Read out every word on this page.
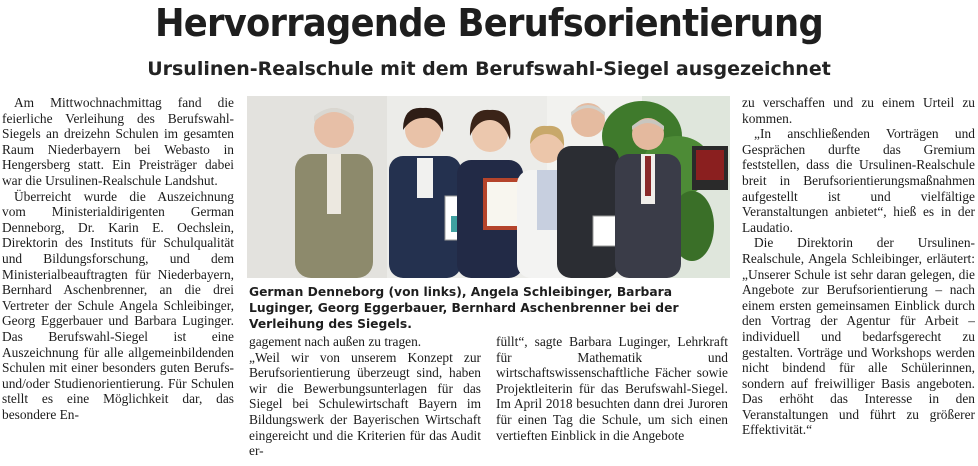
Hervorragende Berufsorientierung
Ursulinen-Realschule mit dem Berufswahl-Siegel ausgezeichnet

Am Mittwochnachmittag fand die feierliche Verleihung des Berufswahl-Siegels an dreizehn Schulen im gesamten Raum Niederbayern bei Webasto in Hengersberg statt. Ein Preisträger dabei war die Ursulinen-Realschule Landshut.

Überreicht wurde die Auszeichnung vom Ministerialdirigenten German Denneborg, Dr. Karin E. Oechslein, Direktorin des Instituts für Schulqualität und Bildungsforschung, und dem Ministerialbeauftragten für Niederbayern, Bernhard Aschenbrenner, an die drei Vertreter der Schule Angela Schleibinger, Georg Eggerbauer und Barbara Luginger. Das Berufswahl-Siegel ist eine Auszeichnung für alle allgemeinbildenden Schulen mit einer besonders guten Berufs- und/oder Studienorientierung. Für Schulen stellt es eine Möglichkeit dar, das besondere En-

German Denneborg (von links), Angela Schleibinger, Barbara Luginger, Georg Eggerbauer, Bernhard Aschenbrenner bei der Verleihung des Siegels.

gagement nach außen zu tragen.

„Weil wir von unserem Konzept zur Berufsorientierung überzeugt sind, haben wir die Bewerbungsunterlagen für das Siegel bei Schulewirtschaft Bayern im Bildungswerk der Bayerischen Wirtschaft eingereicht und die Kriterien für das Audit er-

füllt“, sagte Barbara Luginger, Lehrkraft für Mathematik und wirtschaftswissenschaftliche Fächer sowie Projektleiterin für das Berufswahl-Siegel. Im April 2018 besuchten dann drei Juroren für einen Tag die Schule, um sich einen vertieften Einblick in die Angebote

zu verschaffen und zu einem Urteil zu kommen.

„In anschließenden Vorträgen und Gesprächen durfte das Gremium feststellen, dass die Ursulinen-Realschule breit in Berufsorientierungsmaßnahmen aufgestellt ist und vielfältige Veranstaltungen anbietet“, hieß es in der Laudatio.

Die Direktorin der Ursulinen-Realschule, Angela Schleibinger, erläutert: „Unserer Schule ist sehr daran gelegen, die Angebote zur Berufsorientierung – nach einem ersten gemeinsamen Einblick durch den Vortrag der Agentur für Arbeit – individuell und bedarfsgerecht zu gestalten. Vorträge und Workshops werden nicht bindend für alle Schülerinnen, sondern auf freiwilliger Basis angeboten. Das erhöht das Interesse in den Veranstaltungen und führt zu größerer Effektivität.“
